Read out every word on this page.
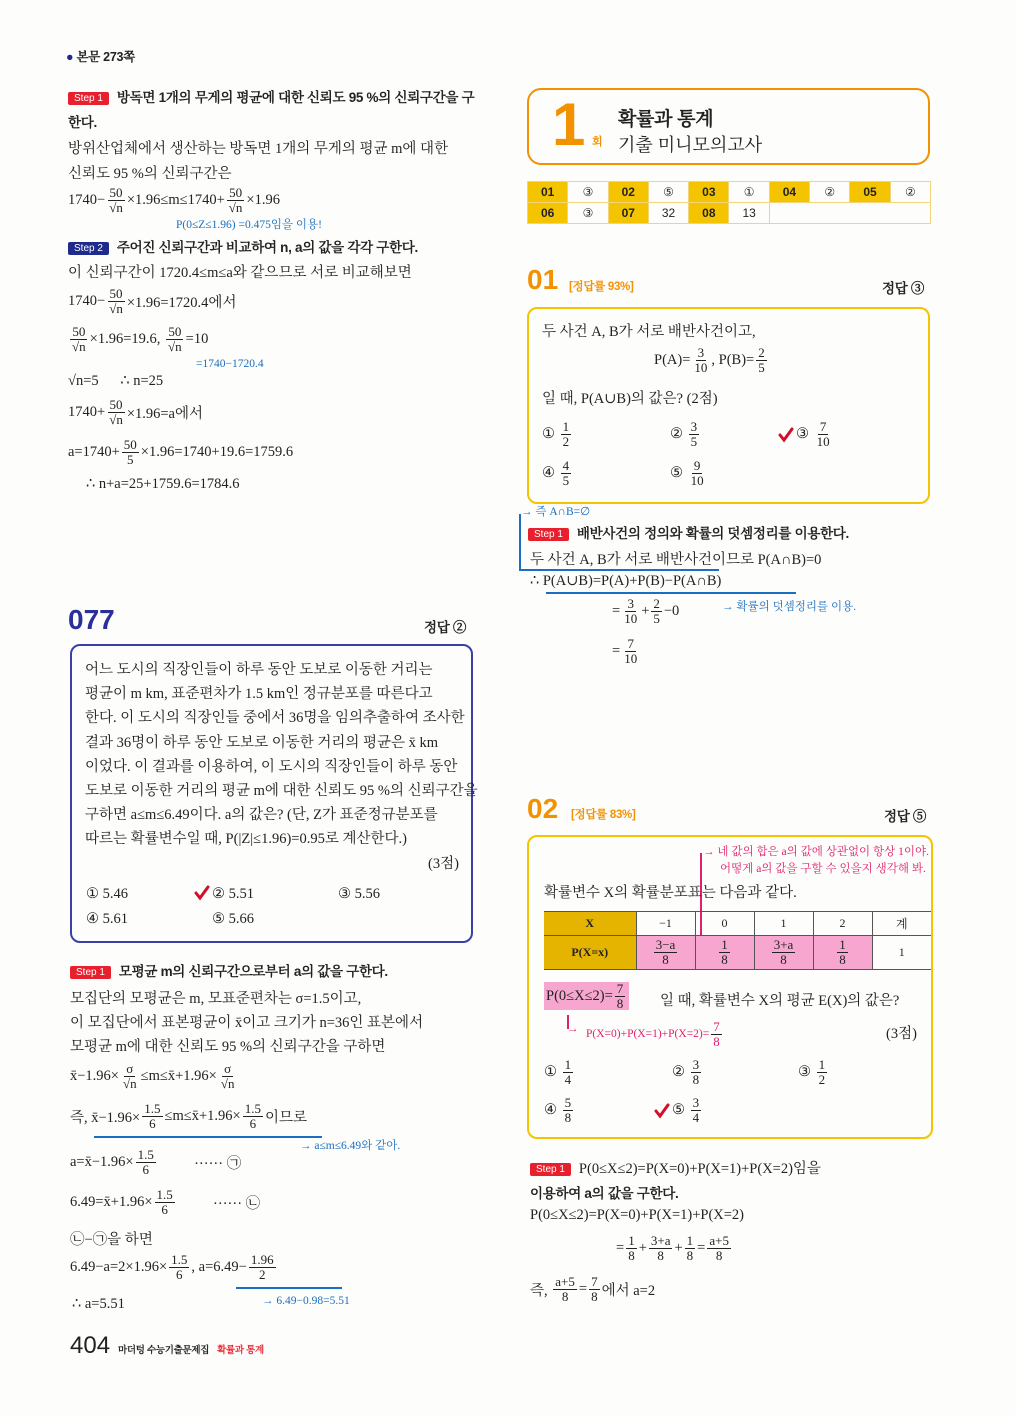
● 본문 273쪽
Step 1 방독면 1개의 무게의 평균에 대한 신뢰도 95 %의 신뢰구간을 구
한다.
방위산업체에서 생산하는 방독면 1개의 무게의 평균 m에 대한
신뢰도 95 %의 신뢰구간은
$1740- \frac{50}{√n} \times 1.96\le m\le 1740+ \frac{50}{√n} \times 1.96$
P(0≤Z≤1.96) =0.475임을 이용!
Step 2 주어진 신뢰구간과 비교하여 n, a의 값을 각각 구한다.
이 신뢰구간이 1720.4≤m≤a와 같으므로 서로 비교해보면
$1740- \frac{50}{√n} \times 1.96=1720.4$에서
$\frac{50}{√n} \times 1.96=19.6$, $\frac{50}{√n} =10$
=1740−1720.4
√n=5      ∴ n=25
$1740+ \frac{50}{√n} \times 1.96=a$에서
$a=1740+ \frac{50}{5} \times 1.96=1740+19.6=1759.6$
∴ n+a=25+1759.6=1784.6
077	정답 ②
어느 도시의 직장인들이 하루 동안 도보로 이동한 거리는
평균이 m km, 표준편차가 1.5 km인 정규분포를 따른다고
한다. 이 도시의 직장인들 중에서 36명을 임의추출하여 조사한
결과 36명이 하루 동안 도보로 이동한 거리의 평균은 x̄ km
이었다. 이 결과를 이용하여, 이 도시의 직장인들이 하루 동안
도보로 이동한 거리의 평균 m에 대한 신뢰도 95 %의 신뢰구간을
구하면 a≤m≤6.49이다. a의 값은? (단, Z가 표준정규분포를
따르는 확률변수일 때, P(|Z|≤1.96)=0.95로 계산한다.)
(3점)
① 5.46	② 5.51	③ 5.56
④ 5.61	⑤ 5.66
Step 1 모평균 m의 신뢰구간으로부터 a의 값을 구한다.
모집단의 모평균은 m, 모표준편차는 σ=1.5이고,
이 모집단에서 표본평균이 x̄이고 크기가 n=36인 표본에서
모평균 m에 대한 신뢰도 95 %의 신뢰구간을 구하면
x̄−1.96× $\frac{\sigma}{√n}$ ≤m≤x̄+1.96× $\frac{\sigma}{√n}$
즉, x̄−1.96× $\frac{1.5}{6}$ ≤m≤x̄+1.96× $\frac{1.5}{6}$ 이므로
→ a≤m≤6.49와 같아.
a=x̄−1.96× $\frac{1.5}{6}$ ······ ㉠
6.49=x̄+1.96× $\frac{1.5}{6}$ ······ ㉡
㉡−㉠을 하면
$6.49-a=2\times 1.96\times \frac{1.5}{6}$ , $a=6.49- \frac{1.96}{2}$
→ 6.49−0.98=5.51
∴ a=5.51
404 마더텅 수능기출문제집 확률과 통계
1 회
확률과 통계
기출 미니모의고사
01	③	02	⑤	03	①	04	②	05	②
06	③	07	32	08	13				
01 [정답률 93%]	정답 ③
두 사건 A, B가 서로 배반사건이고,
$P(A)= \frac{3}{10}$ , $P(B)= \frac{2}{5}$
일 때, P(A∪B)의 값은? (2점)
① $\frac{1}{2}$	② $\frac{3}{5}$	③ $\frac{7}{10}$
④ $\frac{4}{5}$	⑤ $\frac{9}{10}$
→ 즉 A∩B=∅
Step 1 배반사건의 정의와 확률의 덧셈정리를 이용한다.
두 사건 A, B가 서로 배반사건이므로 P(A∩B)=0
∴ P(A∪B)=P(A)+P(B)−P(A∩B)
= $\frac{3}{10} + \frac{2}{5} -0$	→ 확률의 덧셈정리를 이용.
= $\frac{7}{10}$
02 [정답률 83%]	정답 ⑤
→ 네 값의 합은 a의 값에 상관없이 항상 1이야.
어떻게 a의 값을 구할 수 있을지 생각해 봐.
확률변수 X의 확률분포표는 다음과 같다.
X	−1	0	1	2	계
P(X=x)	$\frac{3-a}{8}$	$\frac{1}{8}$	$\frac{3+a}{8}$	$\frac{1}{8}$	1
$P(0\le X\le 2)= \frac{7}{8}$ 일 때, 확률변수 X의 평균 E(X)의 값은?
→ $P(X=0)+P(X=1)+P(X=2)= \frac{7}{8}$	(3점)
① $\frac{1}{4}$	② $\frac{3}{8}$	③ $\frac{1}{2}$
④ $\frac{5}{8}$	⑤ $\frac{3}{4}$
Step 1 P(0≤X≤2)=P(X=0)+P(X=1)+P(X=2)임을
이용하여 a의 값을 구한다.
P(0≤X≤2)=P(X=0)+P(X=1)+P(X=2)
= $\frac{1}{8} + \frac{3+a}{8} + \frac{1}{8} = \frac{a+5}{8}$
즉, $\frac{a+5}{8} = \frac{7}{8}$ 에서 a=2
